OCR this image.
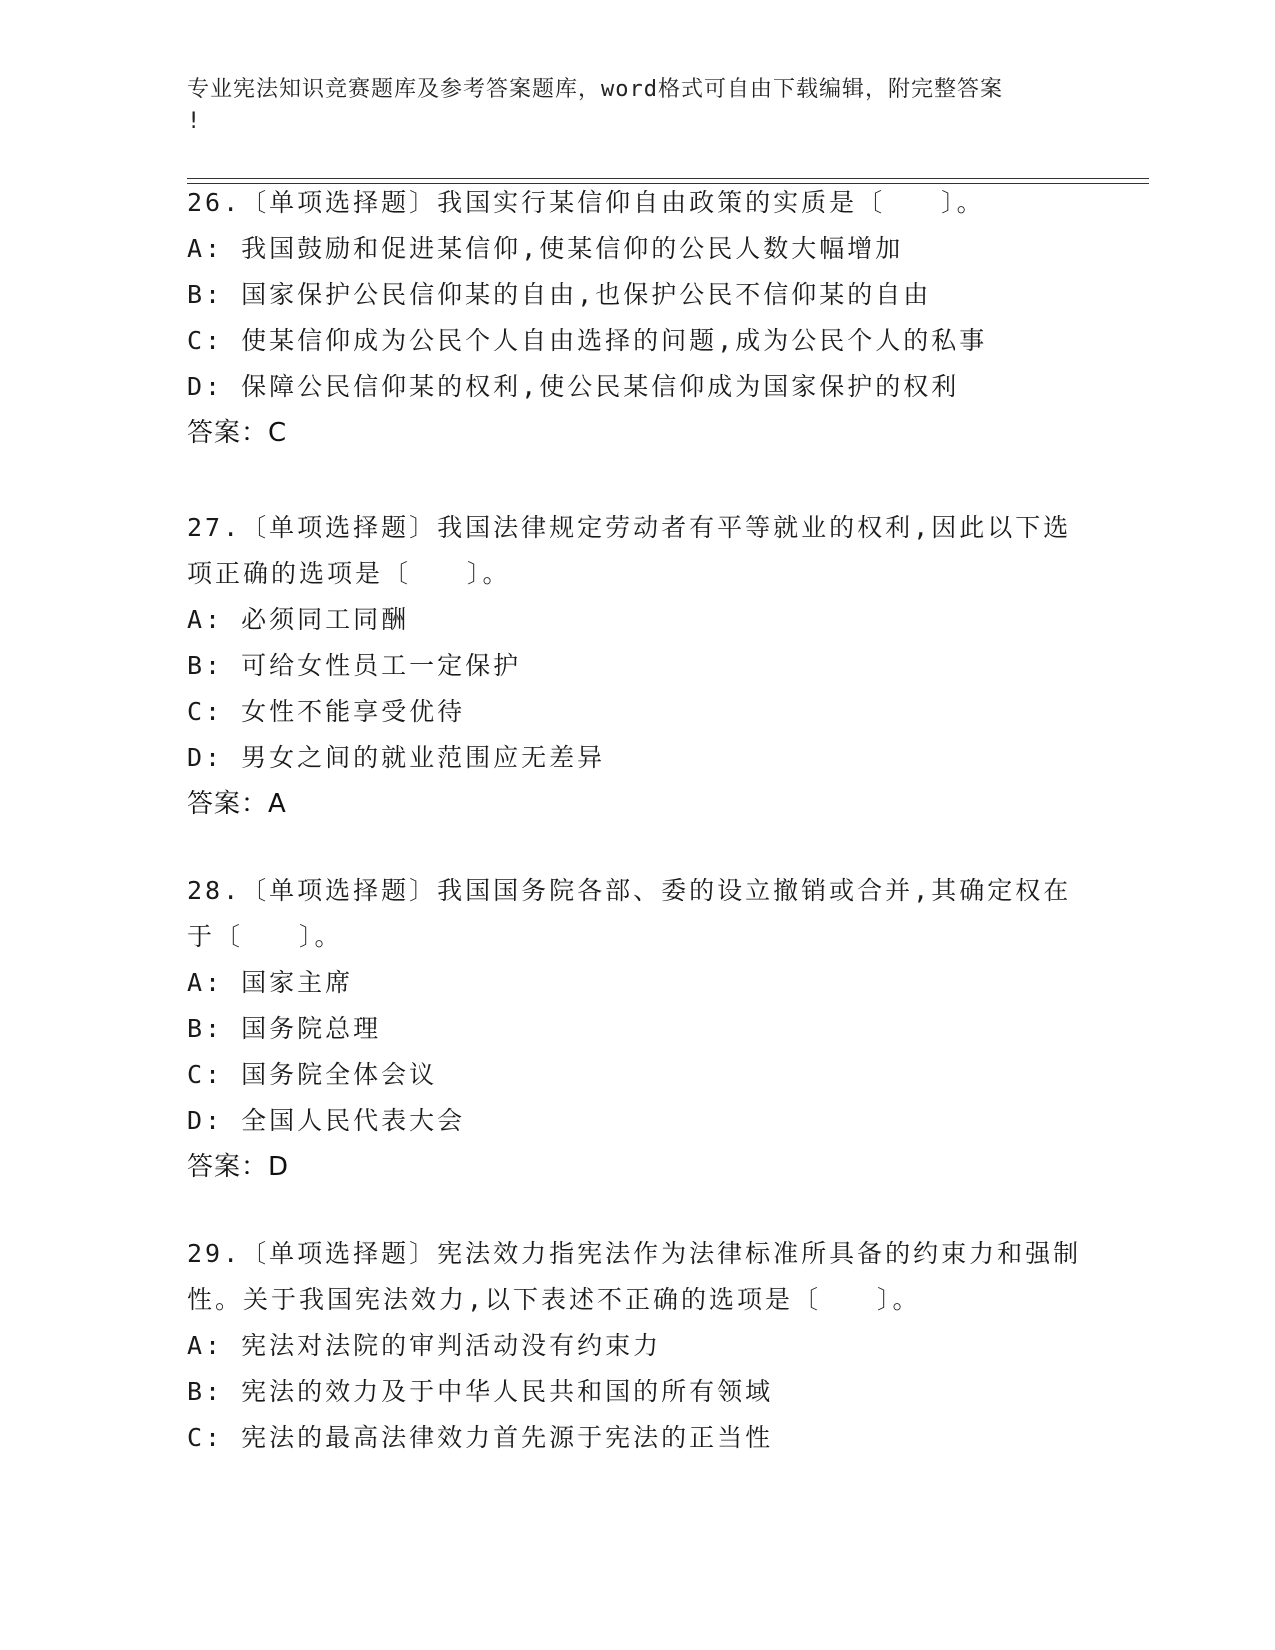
专业宪法知识竞赛题库及参考答案题库，word格式可自由下载编辑，附完整答案
!

26.〔单项选择题〕我国实行某信仰自由政策的实质是〔　　〕。

A: 我国鼓励和促进某信仰,使某信仰的公民人数大幅增加

B: 国家保护公民信仰某的自由,也保护公民不信仰某的自由

C: 使某信仰成为公民个人自由选择的问题,成为公民个人的私事

D: 保障公民信仰某的权利,使公民某信仰成为国家保护的权利

答案：C

27.〔单项选择题〕我国法律规定劳动者有平等就业的权利,因此以下选项正确的选项是〔　　〕。

A: 必须同工同酬

B: 可给女性员工一定保护

C: 女性不能享受优待

D: 男女之间的就业范围应无差异

答案：A

28.〔单项选择题〕我国国务院各部、委的设立撤销或合并,其确定权在于〔　　〕。

A: 国家主席

B: 国务院总理

C: 国务院全体会议

D: 全国人民代表大会

答案：D

29.〔单项选择题〕宪法效力指宪法作为法律标准所具备的约束力和强制性。关于我国宪法效力,以下表述不正确的选项是〔　　〕。

A: 宪法对法院的审判活动没有约束力

B: 宪法的效力及于中华人民共和国的所有领域

C: 宪法的最高法律效力首先源于宪法的正当性
